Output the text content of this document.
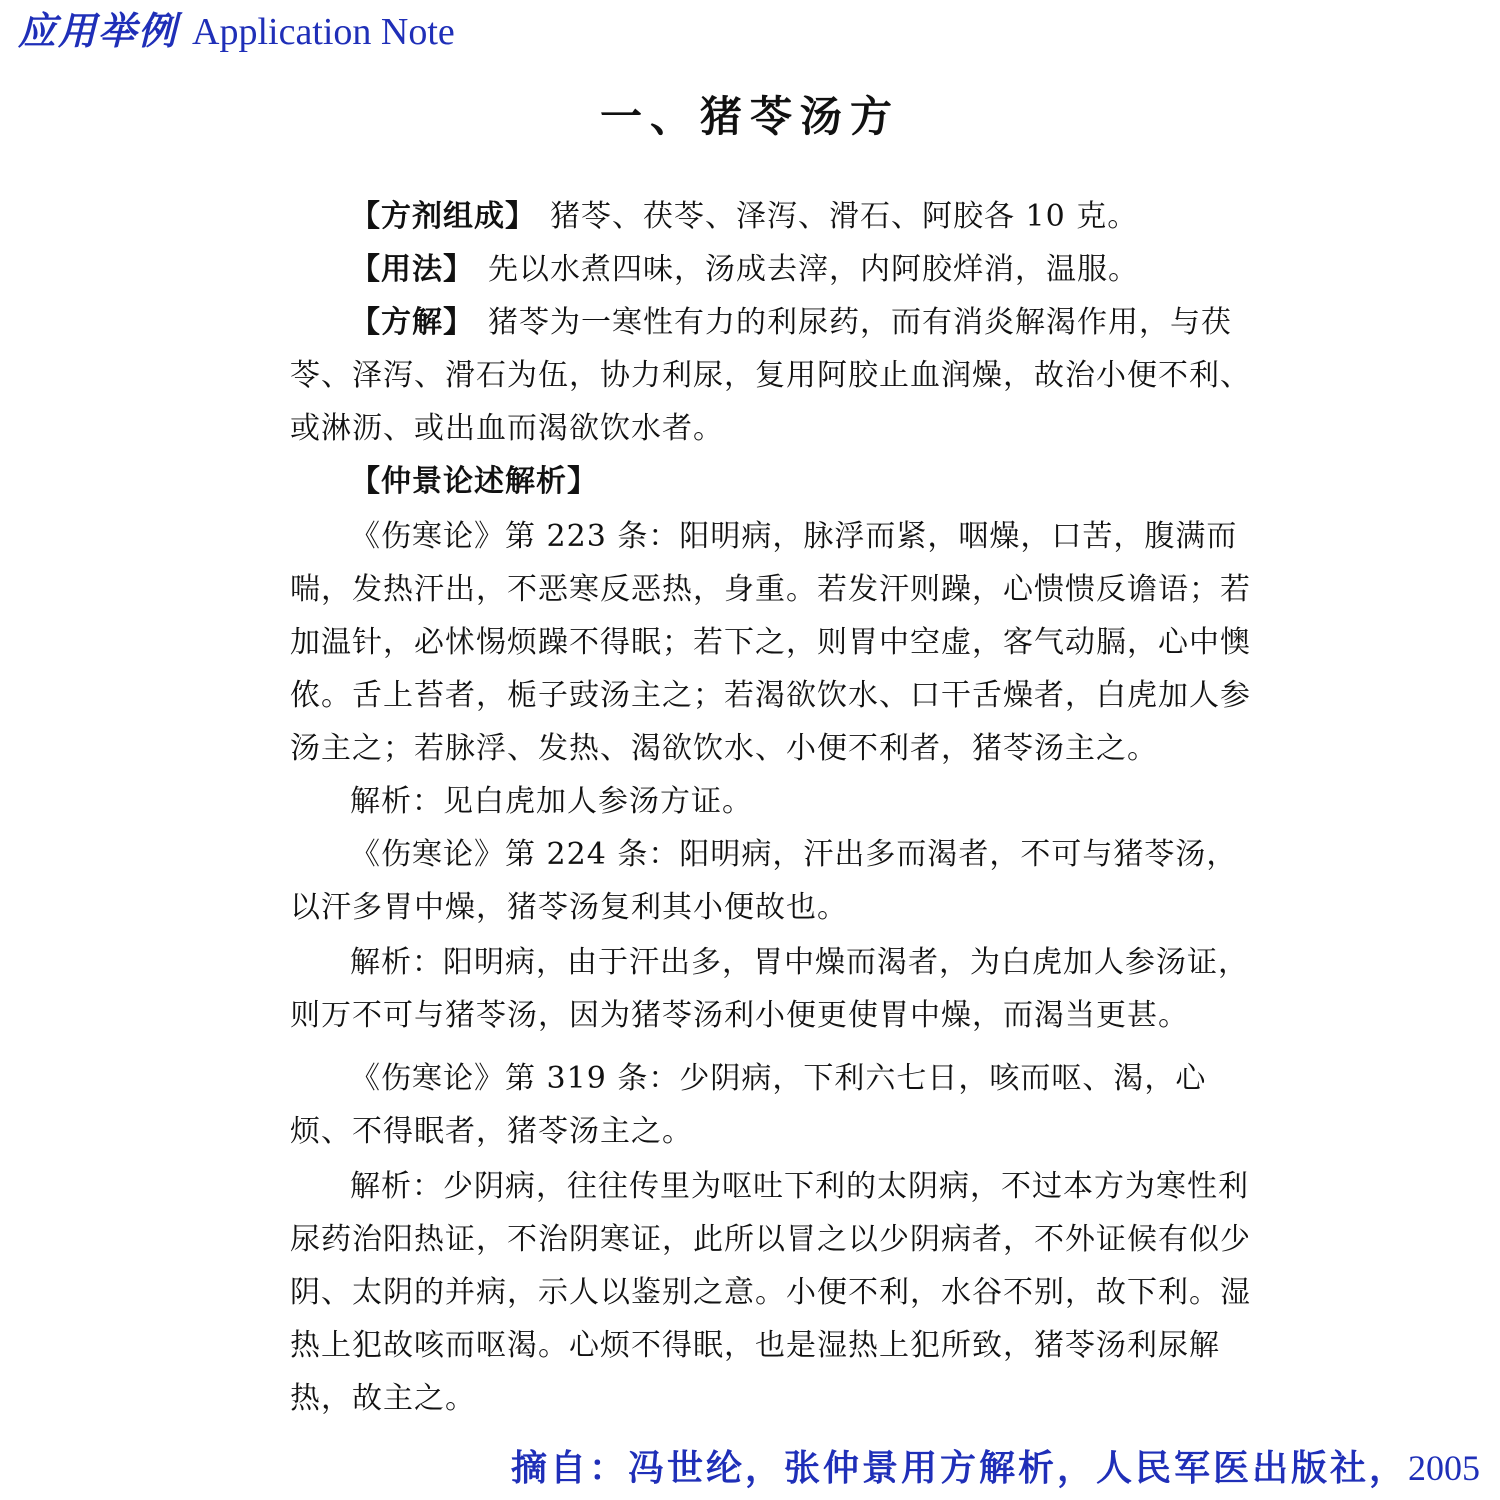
应用举例 Application Note
一、猪苓汤方

【方剂组成】 猪苓、茯苓、泽泻、滑石、阿胶各 10 克。

【用法】 先以水煮四味，汤成去滓，内阿胶烊消，温服。

【方解】 猪苓为一寒性有力的利尿药，而有消炎解渴作用，与茯苓、泽泻、滑石为伍，协力利尿，复用阿胶止血润燥，故治小便不利、或淋沥、或出血而渴欲饮水者。

【仲景论述解析】

《伤寒论》第 223 条：阳明病，脉浮而紧，咽燥，口苦，腹满而喘，发热汗出，不恶寒反恶热，身重。若发汗则躁，心愦愦反谵语；若加温针，必怵惕烦躁不得眠；若下之，则胃中空虚，客气动膈，心中懊侬。舌上苔者，栀子豉汤主之；若渴欲饮水、口干舌燥者，白虎加人参汤主之；若脉浮、发热、渴欲饮水、小便不利者，猪苓汤主之。

解析：见白虎加人参汤方证。

《伤寒论》第 224 条：阳明病，汗出多而渴者，不可与猪苓汤，以汗多胃中燥，猪苓汤复利其小便故也。

解析：阳明病，由于汗出多，胃中燥而渴者，为白虎加人参汤证，则万不可与猪苓汤，因为猪苓汤利小便更使胃中燥，而渴当更甚。

《伤寒论》第 319 条：少阴病，下利六七日，咳而呕、渴，心烦、不得眠者，猪苓汤主之。

解析：少阴病，往往传里为呕吐下利的太阴病，不过本方为寒性利尿药治阳热证，不治阴寒证，此所以冒之以少阴病者，不外证候有似少阴、太阴的并病，示人以鉴别之意。小便不利，水谷不别，故下利。湿热上犯故咳而呕渴。心烦不得眠，也是湿热上犯所致，猪苓汤利尿解热，故主之。

摘自：冯世纶，张仲景用方解析，人民军医出版社，2005
